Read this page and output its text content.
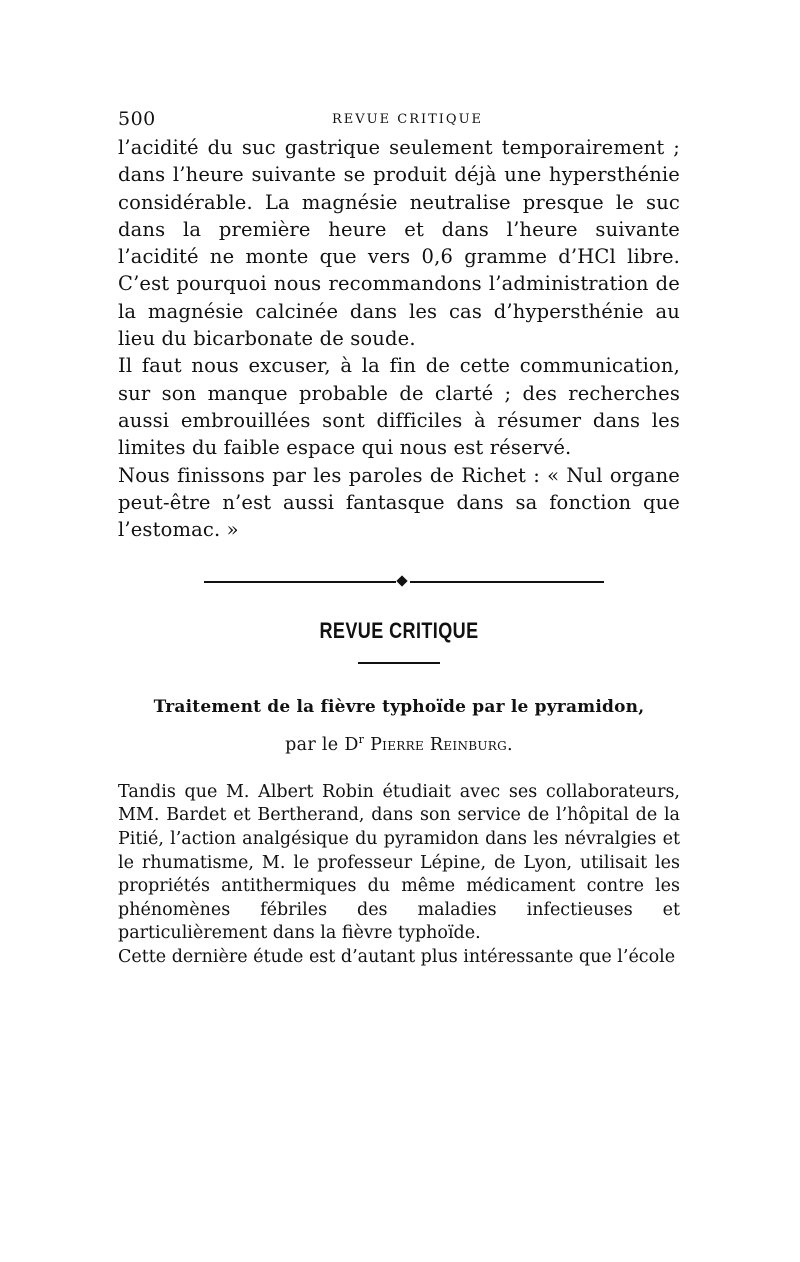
500	REVUE CRITIQUE

l’acidité du suc gastrique seulement temporairement ; dans l’heure suivante se produit déjà une hypersthénie considérable. La magnésie neutralise presque le suc dans la première heure et dans l’heure suivante l’acidité ne monte que vers 0,6 gramme d’HCl libre. C’est pourquoi nous recommandons l’administration de la magnésie calcinée dans les cas d’hypersthénie au lieu du bicarbonate de soude.

Il faut nous excuser, à la fin de cette communication, sur son manque probable de clarté ; des recherches aussi embrouillées sont difficiles à résumer dans les limites du faible espace qui nous est réservé.

Nous finissons par les paroles de Richet : « Nul organe peut-être n’est aussi fantasque dans sa fonction que l’estomac. »

REVUE CRITIQUE
Traitement de la fièvre typhoïde par le pyramidon,
par le $D^r$ Pierre Reinburg.

Tandis que M. Albert Robin étudiait avec ses collaborateurs, MM. Bardet et Bertherand, dans son service de l’hôpital de la Pitié, l’action analgésique du pyramidon dans les névralgies et le rhumatisme, M. le professeur Lépine, de Lyon, utilisait les propriétés antithermiques du même médicament contre les phénomènes fébriles des maladies infectieuses et particulièrement dans la fièvre typhoïde.

Cette dernière étude est d’autant plus intéressante que l’école
